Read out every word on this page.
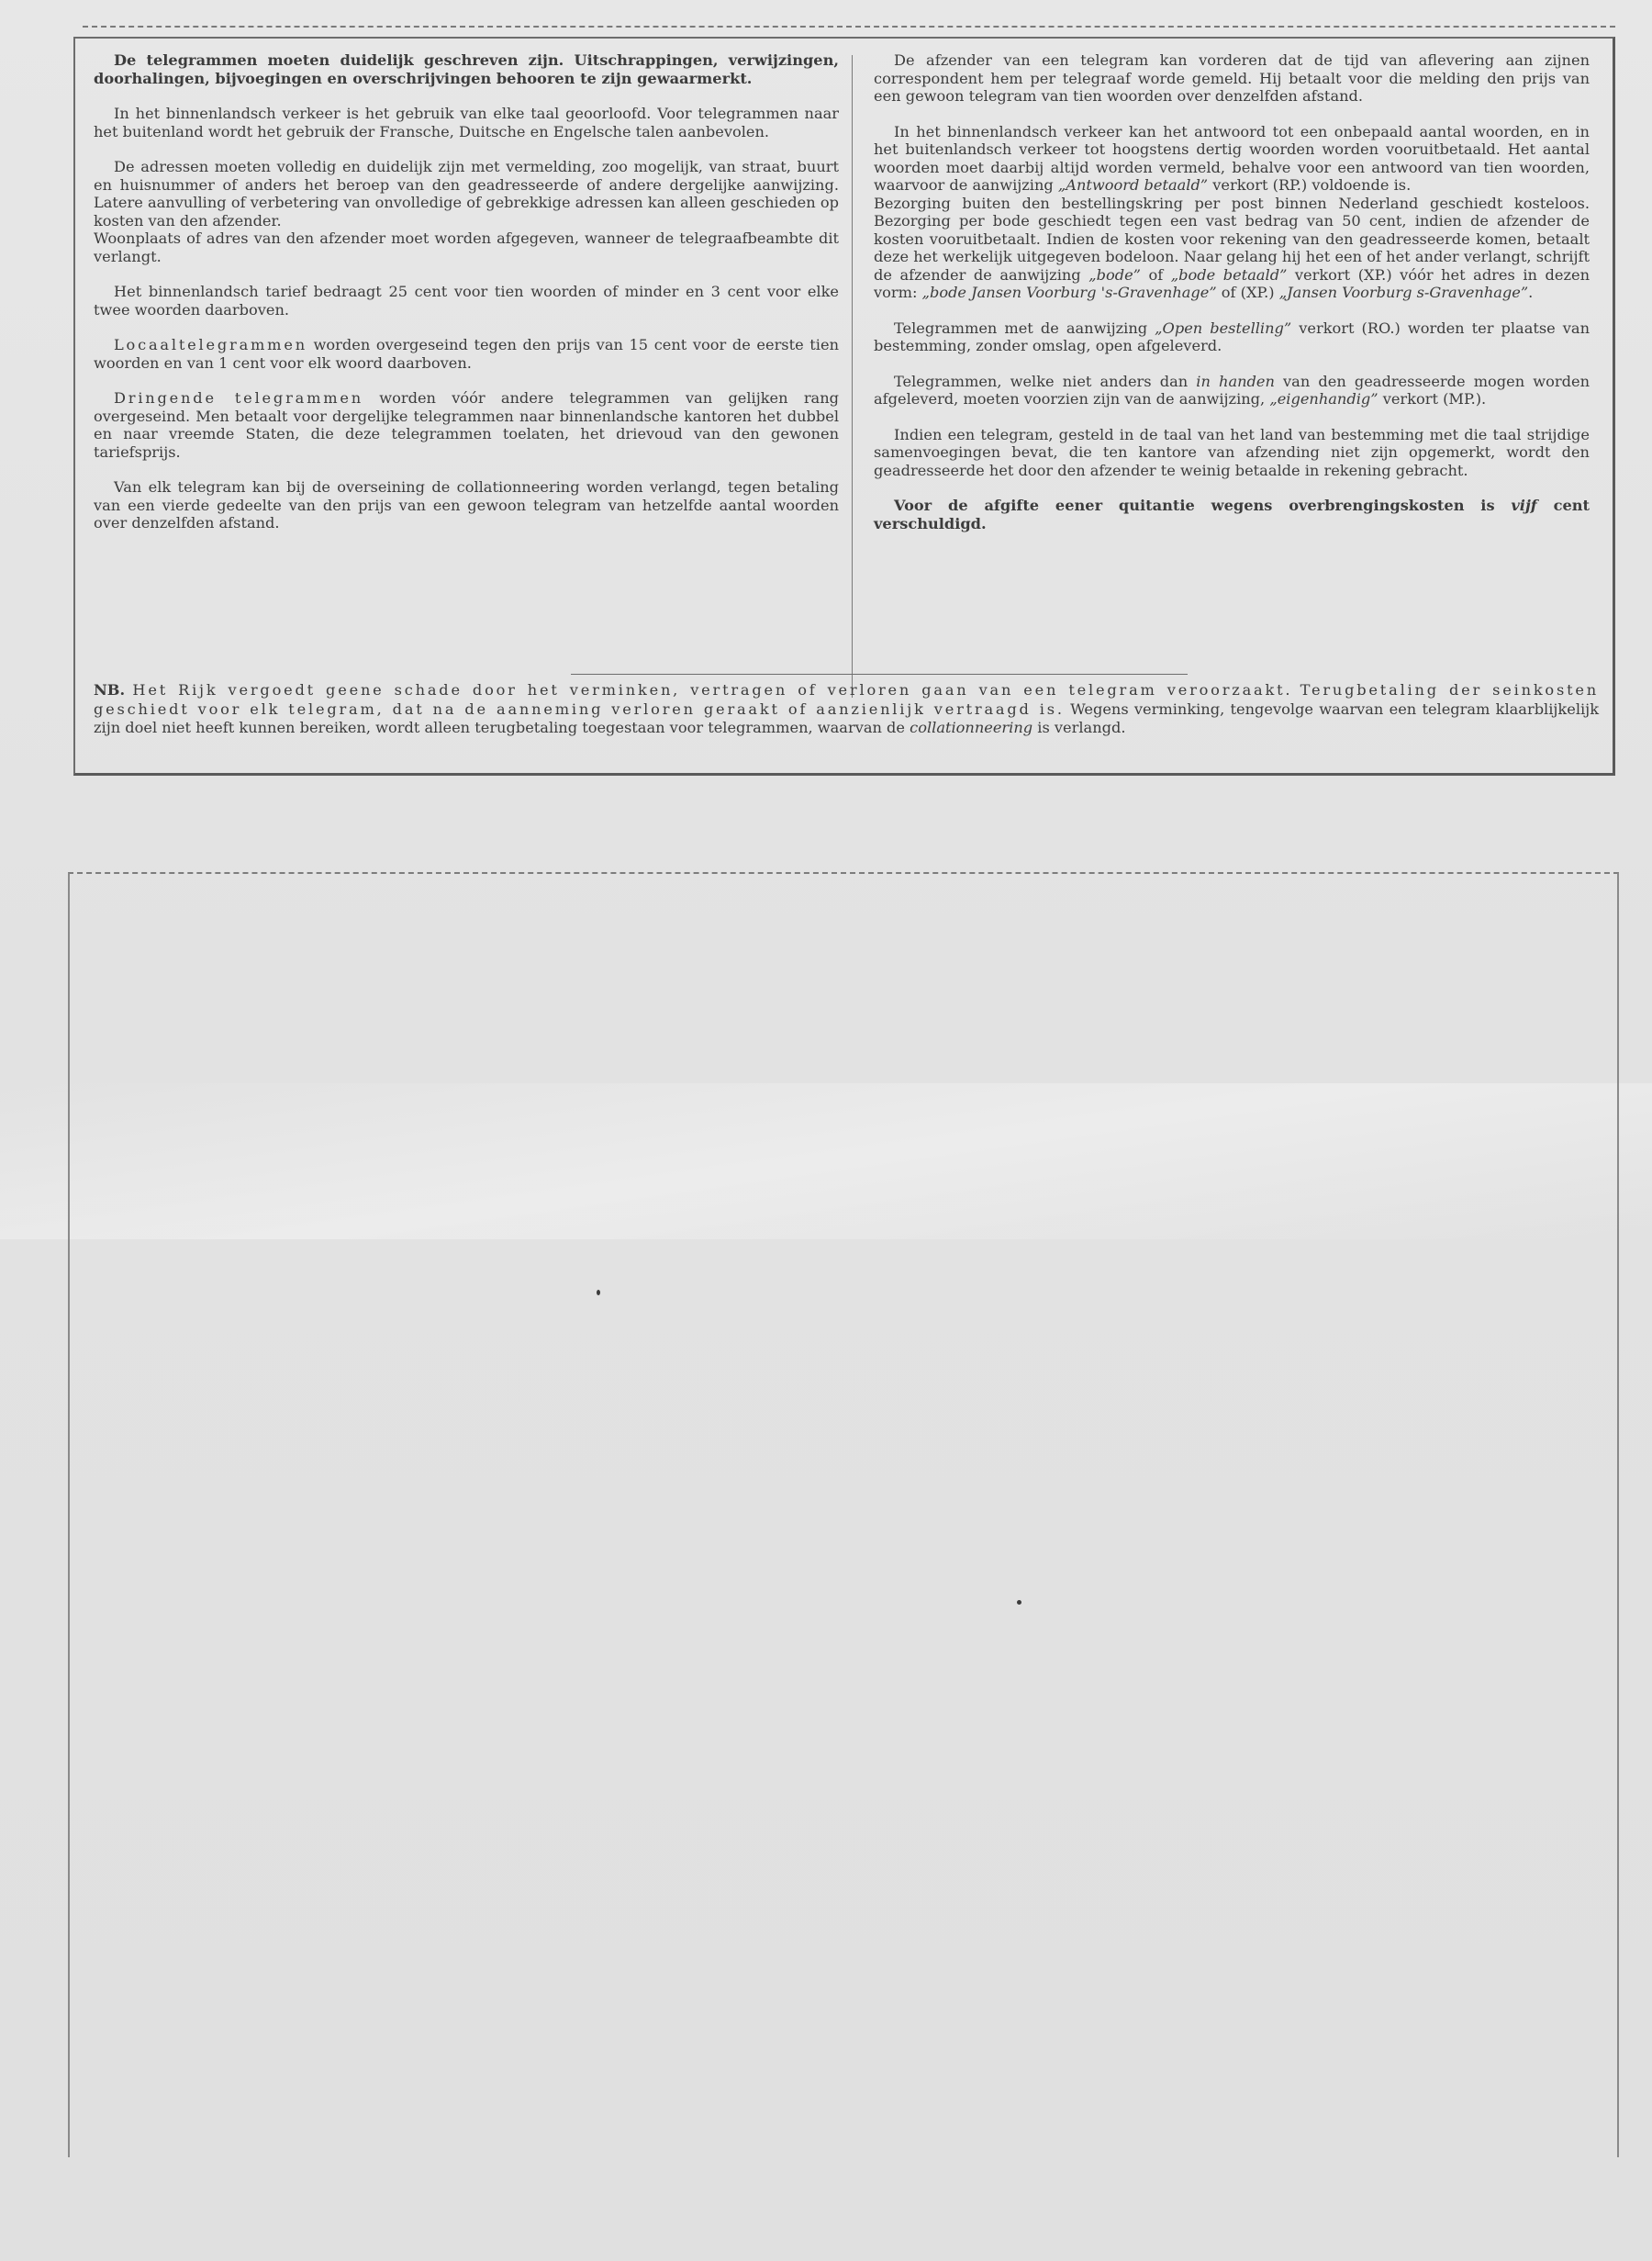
De telegrammen moeten duidelijk geschreven zijn. Uitschrappingen, verwijzingen, doorhalingen, bijvoegingen en overschrijvingen behooren te zijn gewaarmerkt.

In het binnenlandsch verkeer is het gebruik van elke taal geoorloofd. Voor telegrammen naar het buitenland wordt het gebruik der Fransche, Duitsche en Engelsche talen aanbevolen.

De adressen moeten volledig en duidelijk zijn met vermelding, zoo mogelijk, van straat, buurt en huisnummer of anders het beroep van den geadresseerde of andere dergelijke aanwijzing. Latere aanvulling of verbetering van onvolledige of gebrekkige adressen kan alleen geschieden op kosten van den afzender.
Woonplaats of adres van den afzender moet worden afgegeven, wanneer de telegraafbeambte dit verlangt.

Het binnenlandsch tarief bedraagt 25 cent voor tien woorden of minder en 3 cent voor elke twee woorden daarboven.

Locaaltelegrammen worden overgeseind tegen den prijs van 15 cent voor de eerste tien woorden en van 1 cent voor elk woord daarboven.

Dringende telegrammen worden vóór andere telegrammen van gelijken rang overgeseind. Men betaalt voor dergelijke telegrammen naar binnenlandsche kantoren het dubbel en naar vreemde Staten, die deze telegrammen toelaten, het drievoud van den gewonen tariefsprijs.

Van elk telegram kan bij de overseining de collationneering worden verlangd, tegen betaling van een vierde gedeelte van den prijs van een gewoon telegram van hetzelfde aantal woorden over denzelfden afstand.

De afzender van een telegram kan vorderen dat de tijd van aflevering aan zijnen correspondent hem per telegraaf worde gemeld. Hij betaalt voor die melding den prijs van een gewoon telegram van tien woorden over denzelfden afstand.

In het binnenlandsch verkeer kan het antwoord tot een onbepaald aantal woorden, en in het buitenlandsch verkeer tot hoogstens dertig woorden worden vooruitbetaald. Het aantal woorden moet daarbij altijd worden vermeld, behalve voor een antwoord van tien woorden, waarvoor de aanwijzing „Antwoord betaald” verkort (RP.) voldoende is.
Bezorging buiten den bestellingskring per post binnen Nederland geschiedt kosteloos. Bezorging per bode geschiedt tegen een vast bedrag van 50 cent, indien de afzender de kosten vooruitbetaalt. Indien de kosten voor rekening van den geadresseerde komen, betaalt deze het werkelijk uitgegeven bodeloon. Naar gelang hij het een of het ander verlangt, schrijft de afzender de aanwijzing „bode” of „bode betaald” verkort (XP.) vóór het adres in dezen vorm: „bode Jansen Voorburg 's-Gravenhage” of (XP.) „Jansen Voorburg s-Gravenhage”.

Telegrammen met de aanwijzing „Open bestelling” verkort (RO.) worden ter plaatse van bestemming, zonder omslag, open afgeleverd.

Telegrammen, welke niet anders dan in handen van den geadresseerde mogen worden afgeleverd, moeten voorzien zijn van de aanwijzing, „eigenhandig” verkort (MP.).

Indien een telegram, gesteld in de taal van het land van bestemming met die taal strijdige samenvoegingen bevat, die ten kantore van afzending niet zijn opgemerkt, wordt den geadresseerde het door den afzender te weinig betaalde in rekening gebracht.

Voor de afgifte eener quitantie wegens overbrengingskosten is vijf cent verschuldigd.

NB. Het Rijk vergoedt geene schade door het verminken, vertragen of verloren gaan van een telegram veroorzaakt. Terugbetaling der seinkosten geschiedt voor elk telegram, dat na de aanneming verloren geraakt of aanzienlijk vertraagd is. Wegens verminking, tengevolge waarvan een telegram klaarblijkelijk zijn doel niet heeft kunnen bereiken, wordt alleen terugbetaling toegestaan voor telegrammen, waarvan de collationneering is verlangd.
